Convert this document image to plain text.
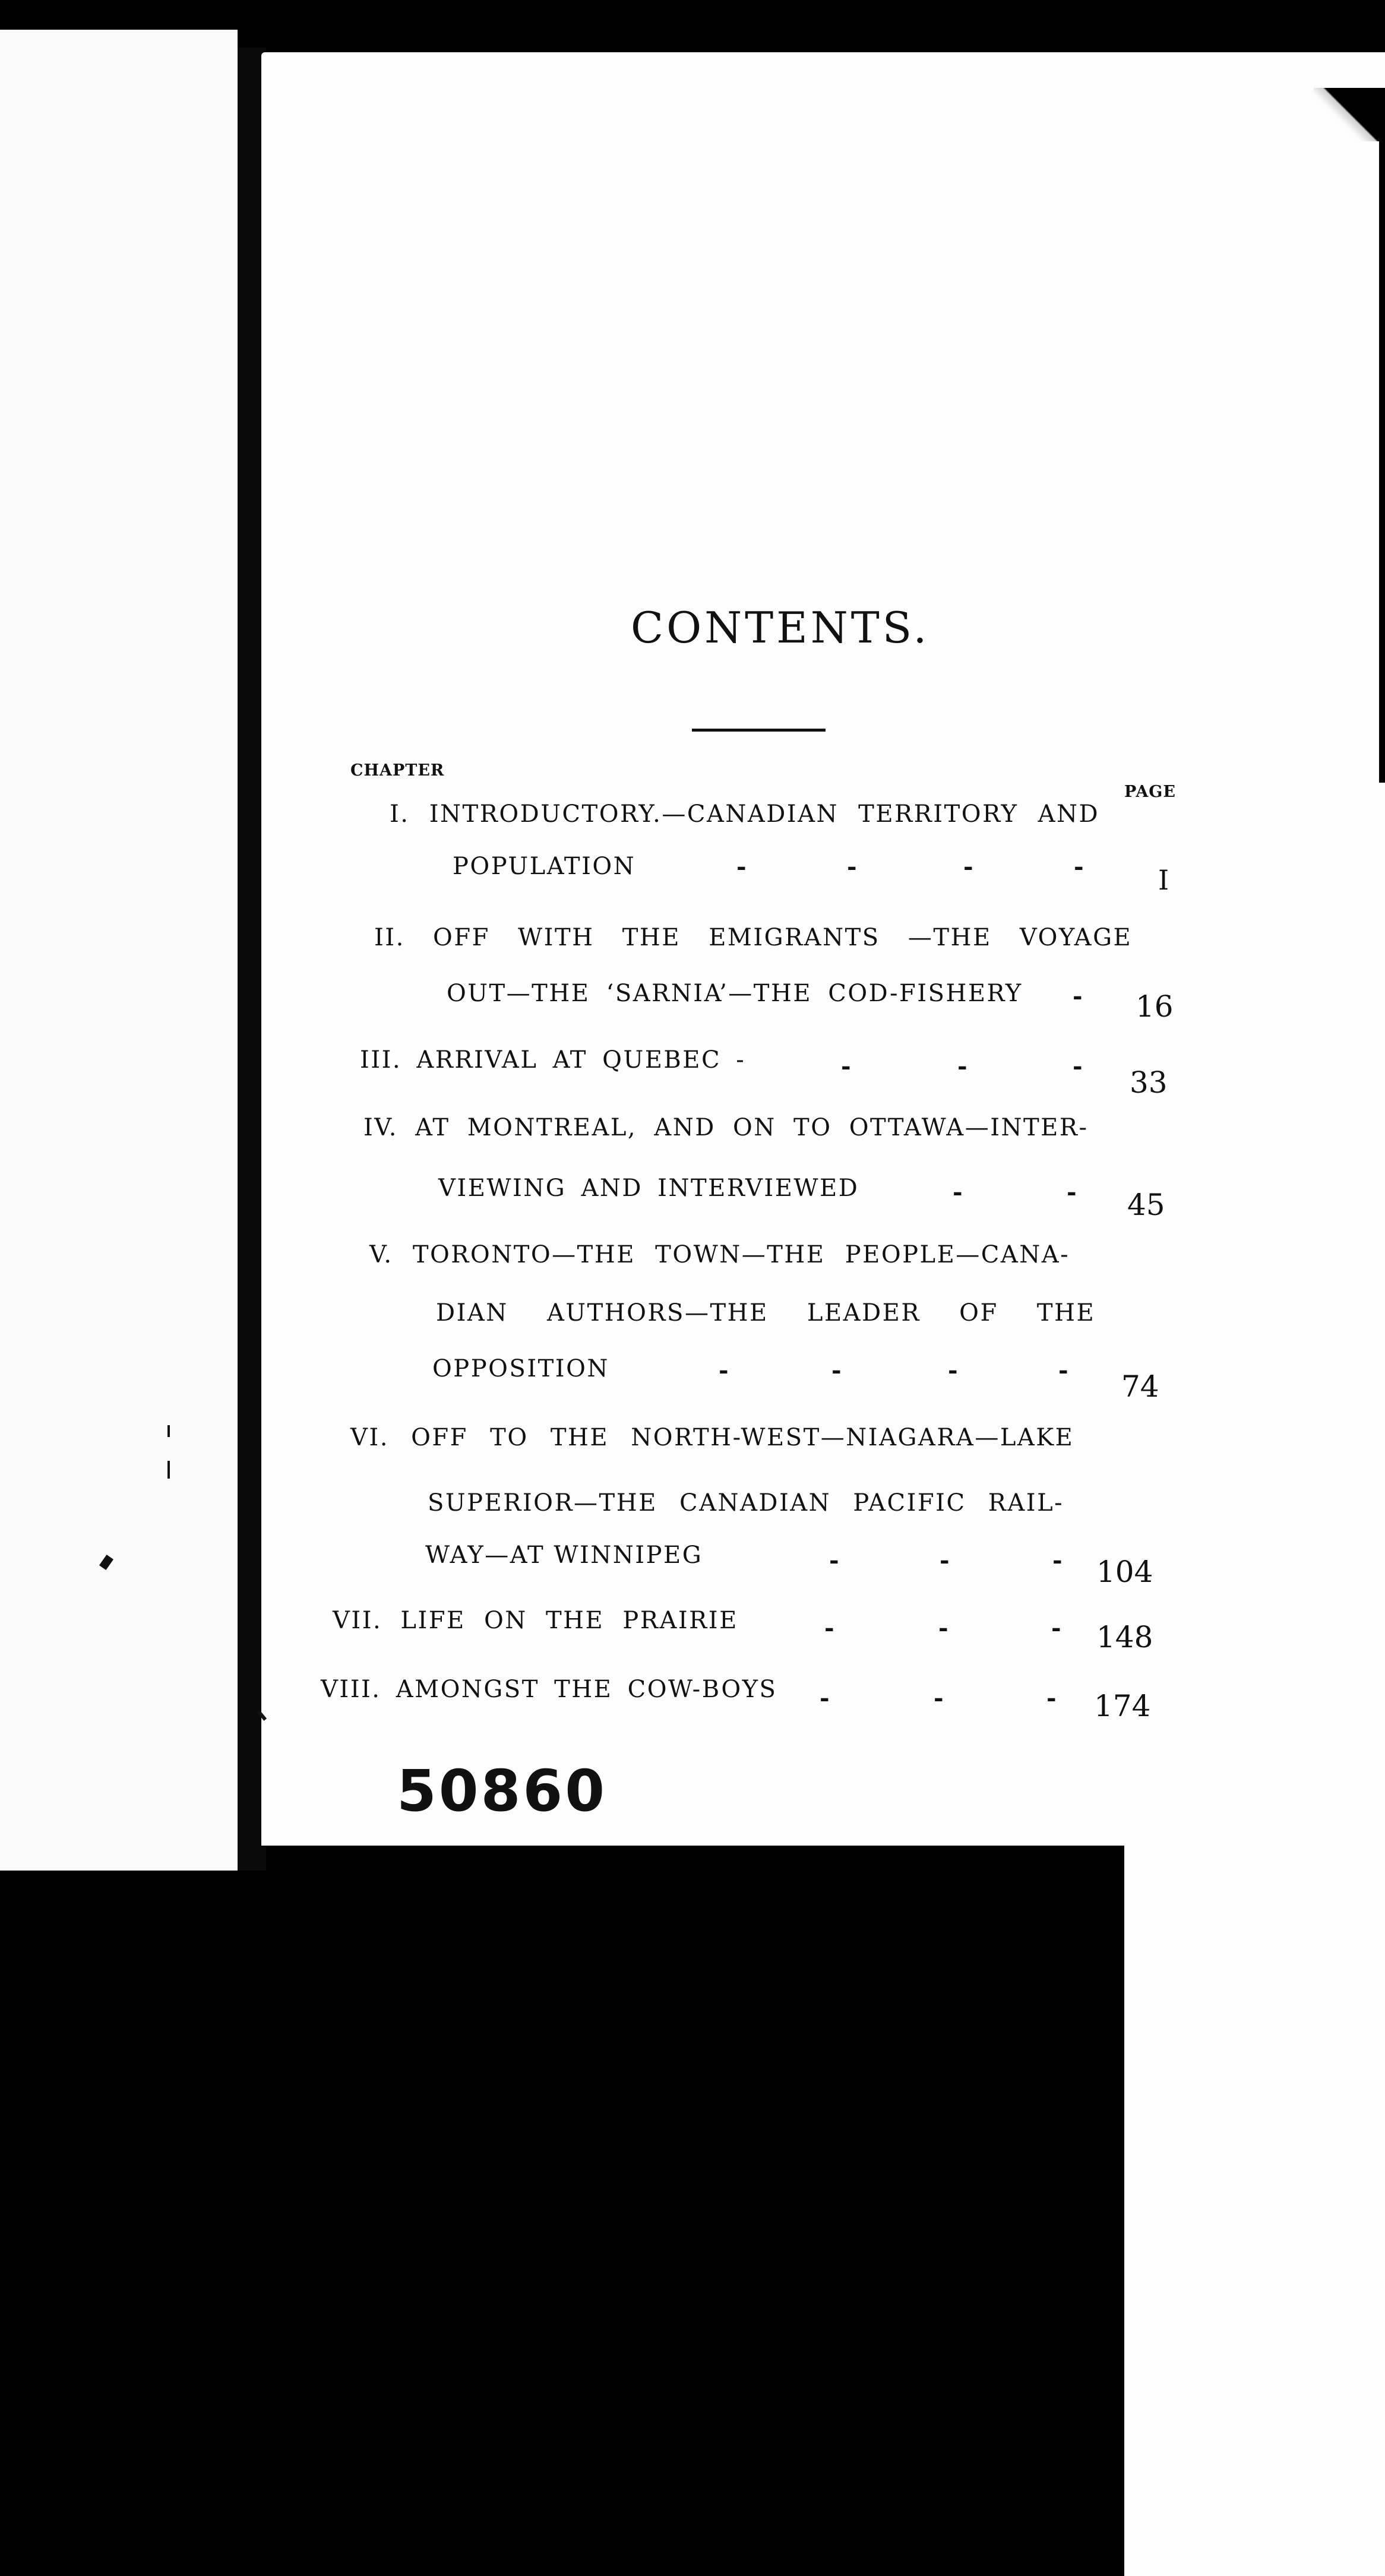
CONTENTS.
CHAPTER
PAGE
I. INTRODUCTORY.—CANADIAN TERRITORY AND
POPULATION	-	-	-	-	I
II. OFF WITH THE EMIGRANTS —THE VOYAGE
OUT—THE ‘SARNIA’—THE COD-FISHERY - 16
III. ARRIVAL AT QUEBEC -	-	-	- 33
IV. AT MONTREAL, AND ON TO OTTAWA—INTER-
VIEWING AND INTERVIEWED	-	- 45
V. TORONTO—THE TOWN—THE PEOPLE—CANA-
DIAN AUTHORS—THE LEADER OF THE
OPPOSITION	-	-	-	- 74
VI. OFF TO THE NORTH-WEST—NIAGARA—LAKE
SUPERIOR—THE CANADIAN PACIFIC RAIL-
WAY—AT WINNIPEG	-	-	- 104
VII. LIFE ON THE PRAIRIE	-	-	- 148
VIII. AMONGST THE COW-BOYS -	-	- 174
50860
